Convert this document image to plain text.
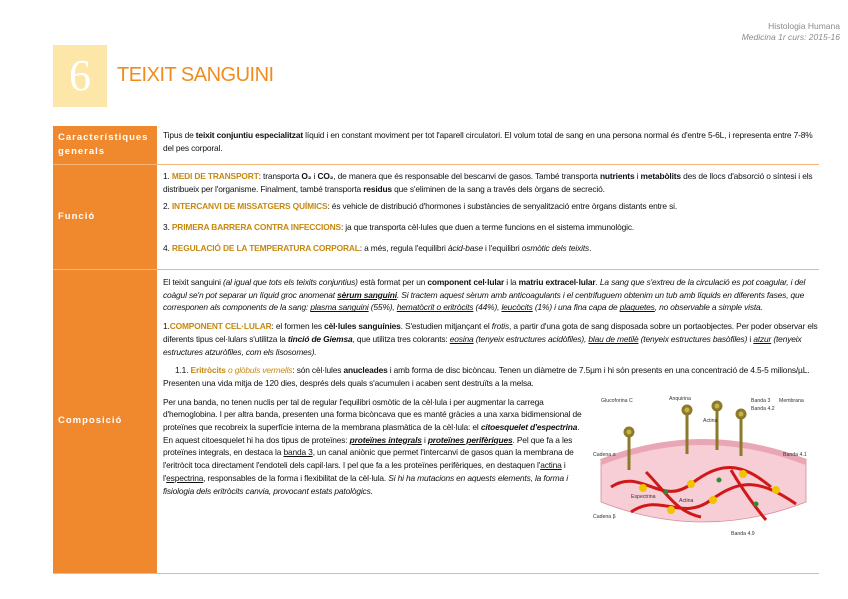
Histologia Humana
Medicina 1r curs: 2015-16
6	TEIXIT SANGUINI
Característiques generals

Tipus de teixit conjuntiu especialitzat líquid i en constant moviment per tot l'aparell circulatori. El volum total de sang en una persona normal és d'entre 5-6L, i representa entre 7-8% del pes corporal.

Funció

1. MEDI DE TRANSPORT: transporta O₂ i CO₂, de manera que és responsable del bescanvi de gasos. També transporta nutrients i metabòlits des de llocs d'absorció o síntesi i els distribueix per l'organisme. Finalment, també transporta residus que s'eliminen de la sang a través dels òrgans de secreció.

2. INTERCANVI DE MISSATGERS QUÍMICS: és vehicle de distribució d'hormones i substàncies de senyalització entre òrgans distants entre si.

3. PRIMERA BARRERA CONTRA INFECCIONS: ja que transporta cèl·lules que duen a terme funcions en el sistema immunològic.

4. REGULACIÓ DE LA TEMPERATURA CORPORAL: a més, regula l'equilibri àcid-base i l'equilibri osmòtic dels teixits.

Composició

El teixit sanguini (al igual que tots els teixits conjuntius) està format per un component cel·lular i la matriu extracel·lular. La sang que s'extreu de la circulació es pot coagular, i del coàgul se'n pot separar un líquid groc anomenat sèrum sanguini. Si tractem aquest sèrum amb anticoagulants i el centrifuguem obtenim un tub amb líquids en diferents fases, que corresponen als components de la sang: plasma sanguini (55%), hematòcrit o eritròcits (44%), leucòcits (1%) i una fina capa de plaquetes, no observable a simple vista.

1.COMPONENT CEL·LULAR: el formen les cèl·lules sanguínies. S'estudien mitjançant el frotis, a partir d'una gota de sang disposada sobre un portaobjectes. Per poder observar els diferents tipus cel·lulars s'utilitza la tinció de Giemsa, que utilitza tres colorants: eosina (tenyeix estructures acidòfiles), blau de metilè (tenyeix estructures basòfiles) i atzur (tenyeix estructures atzuròfiles, com els lisosomes).

1.1. Eritròcits o glòbuls vermells: són cèl·lules anucleades i amb forma de disc bicòncau. Tenen un diàmetre de 7.5µm i hi són presents en una concentració de 4.5-5 milions/µL. Presenten una vida mitja de 120 dies, després dels quals s'acumulen i acaben sent destruïts a la melsa.

Per una banda, no tenen nuclis per tal de regular l'equilibri osmòtic de la cèl·lula i per augmentar la carrega d'hemoglobina. I per altra banda, presenten una forma bicòncava que es manté gràcies a una xarxa bidimensional de proteïnes que recobreix la superfície interna de la membrana plasmàtica de la cèl·lula: el citoesquelet d'espectrina. En aquest citoesquelet hi ha dos tipus de proteïnes: proteïnes integrals i proteïnes perifèriques. Pel que fa a les proteïnes integrals, en destaca la banda 3, un canal aniònic que permet l'intercanvi de gasos quan la membrana de l'eritròcit toca directament l'endoteli dels capil·lars. I pel que fa a les proteïnes perifèriques, en destaquen l'actina i l'espectrina, responsables de la forma i flexibilitat de la cèl·lula. Si hi ha mutacions en aquests elements, la forma i fisiologia dels eritròcits canvia, provocant estats patològics.

Glucoforina C	Anquirina
Actina
Banda 3
Banda 4.2
Membrana
Banda 4.1
Cadena α
Espectrina
Actina
Cadena β
Banda 4.9
